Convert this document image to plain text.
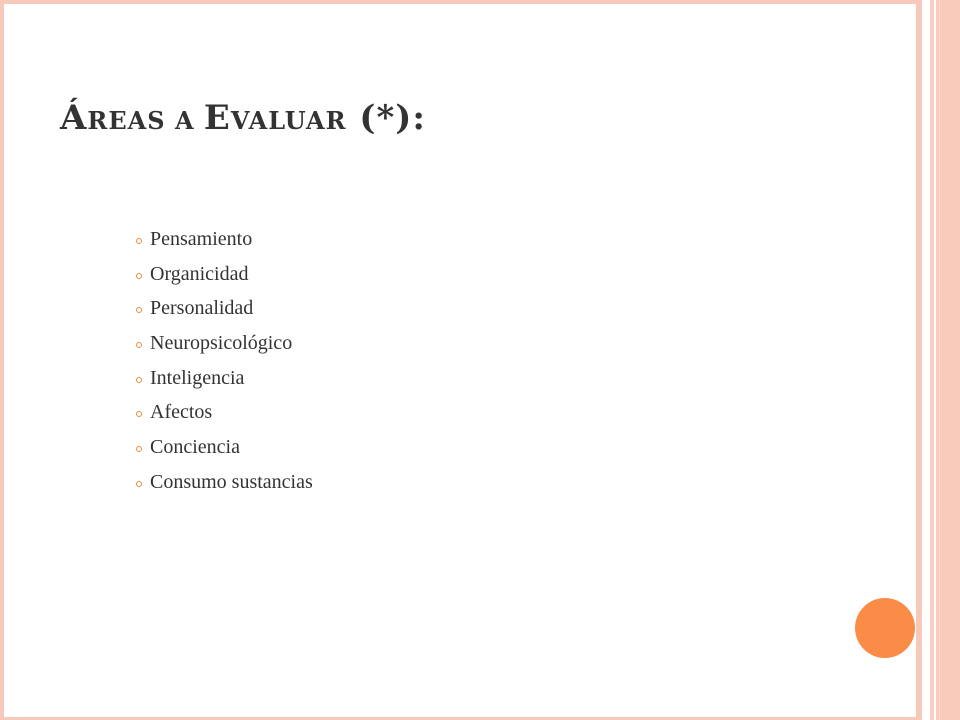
ÁREAS A EVALUAR (*):
Pensamiento
Organicidad
Personalidad
Neuropsicológico
Inteligencia
Afectos
Conciencia
Consumo sustancias
